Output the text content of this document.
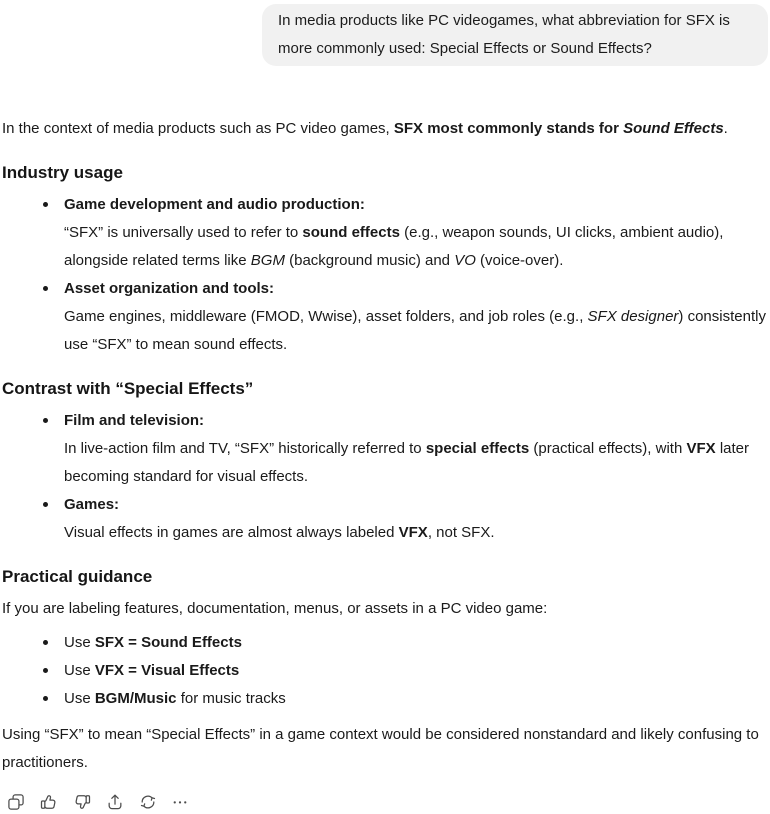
In media products like PC videogames, what abbreviation for SFX is more commonly used: Special Effects or Sound Effects?

In the context of media products such as PC video games, SFX most commonly stands for Sound Effects.

Industry usage
Game development and audio production:
“SFX” is universally used to refer to sound effects (e.g., weapon sounds, UI clicks, ambient audio), alongside related terms like BGM (background music) and VO (voice-over).
Asset organization and tools:
Game engines, middleware (FMOD, Wwise), asset folders, and job roles (e.g., SFX designer) consistently use “SFX” to mean sound effects.
Contrast with “Special Effects”
Film and television:
In live-action film and TV, “SFX” historically referred to special effects (practical effects), with VFX later becoming standard for visual effects.
Games:
Visual effects in games are almost always labeled VFX, not SFX.
Practical guidance

If you are labeling features, documentation, menus, or assets in a PC video game:

Use SFX = Sound Effects
Use VFX = Visual Effects
Use BGM/Music for music tracks

Using “SFX” to mean “Special Effects” in a game context would be considered nonstandard and likely confusing to practitioners.
